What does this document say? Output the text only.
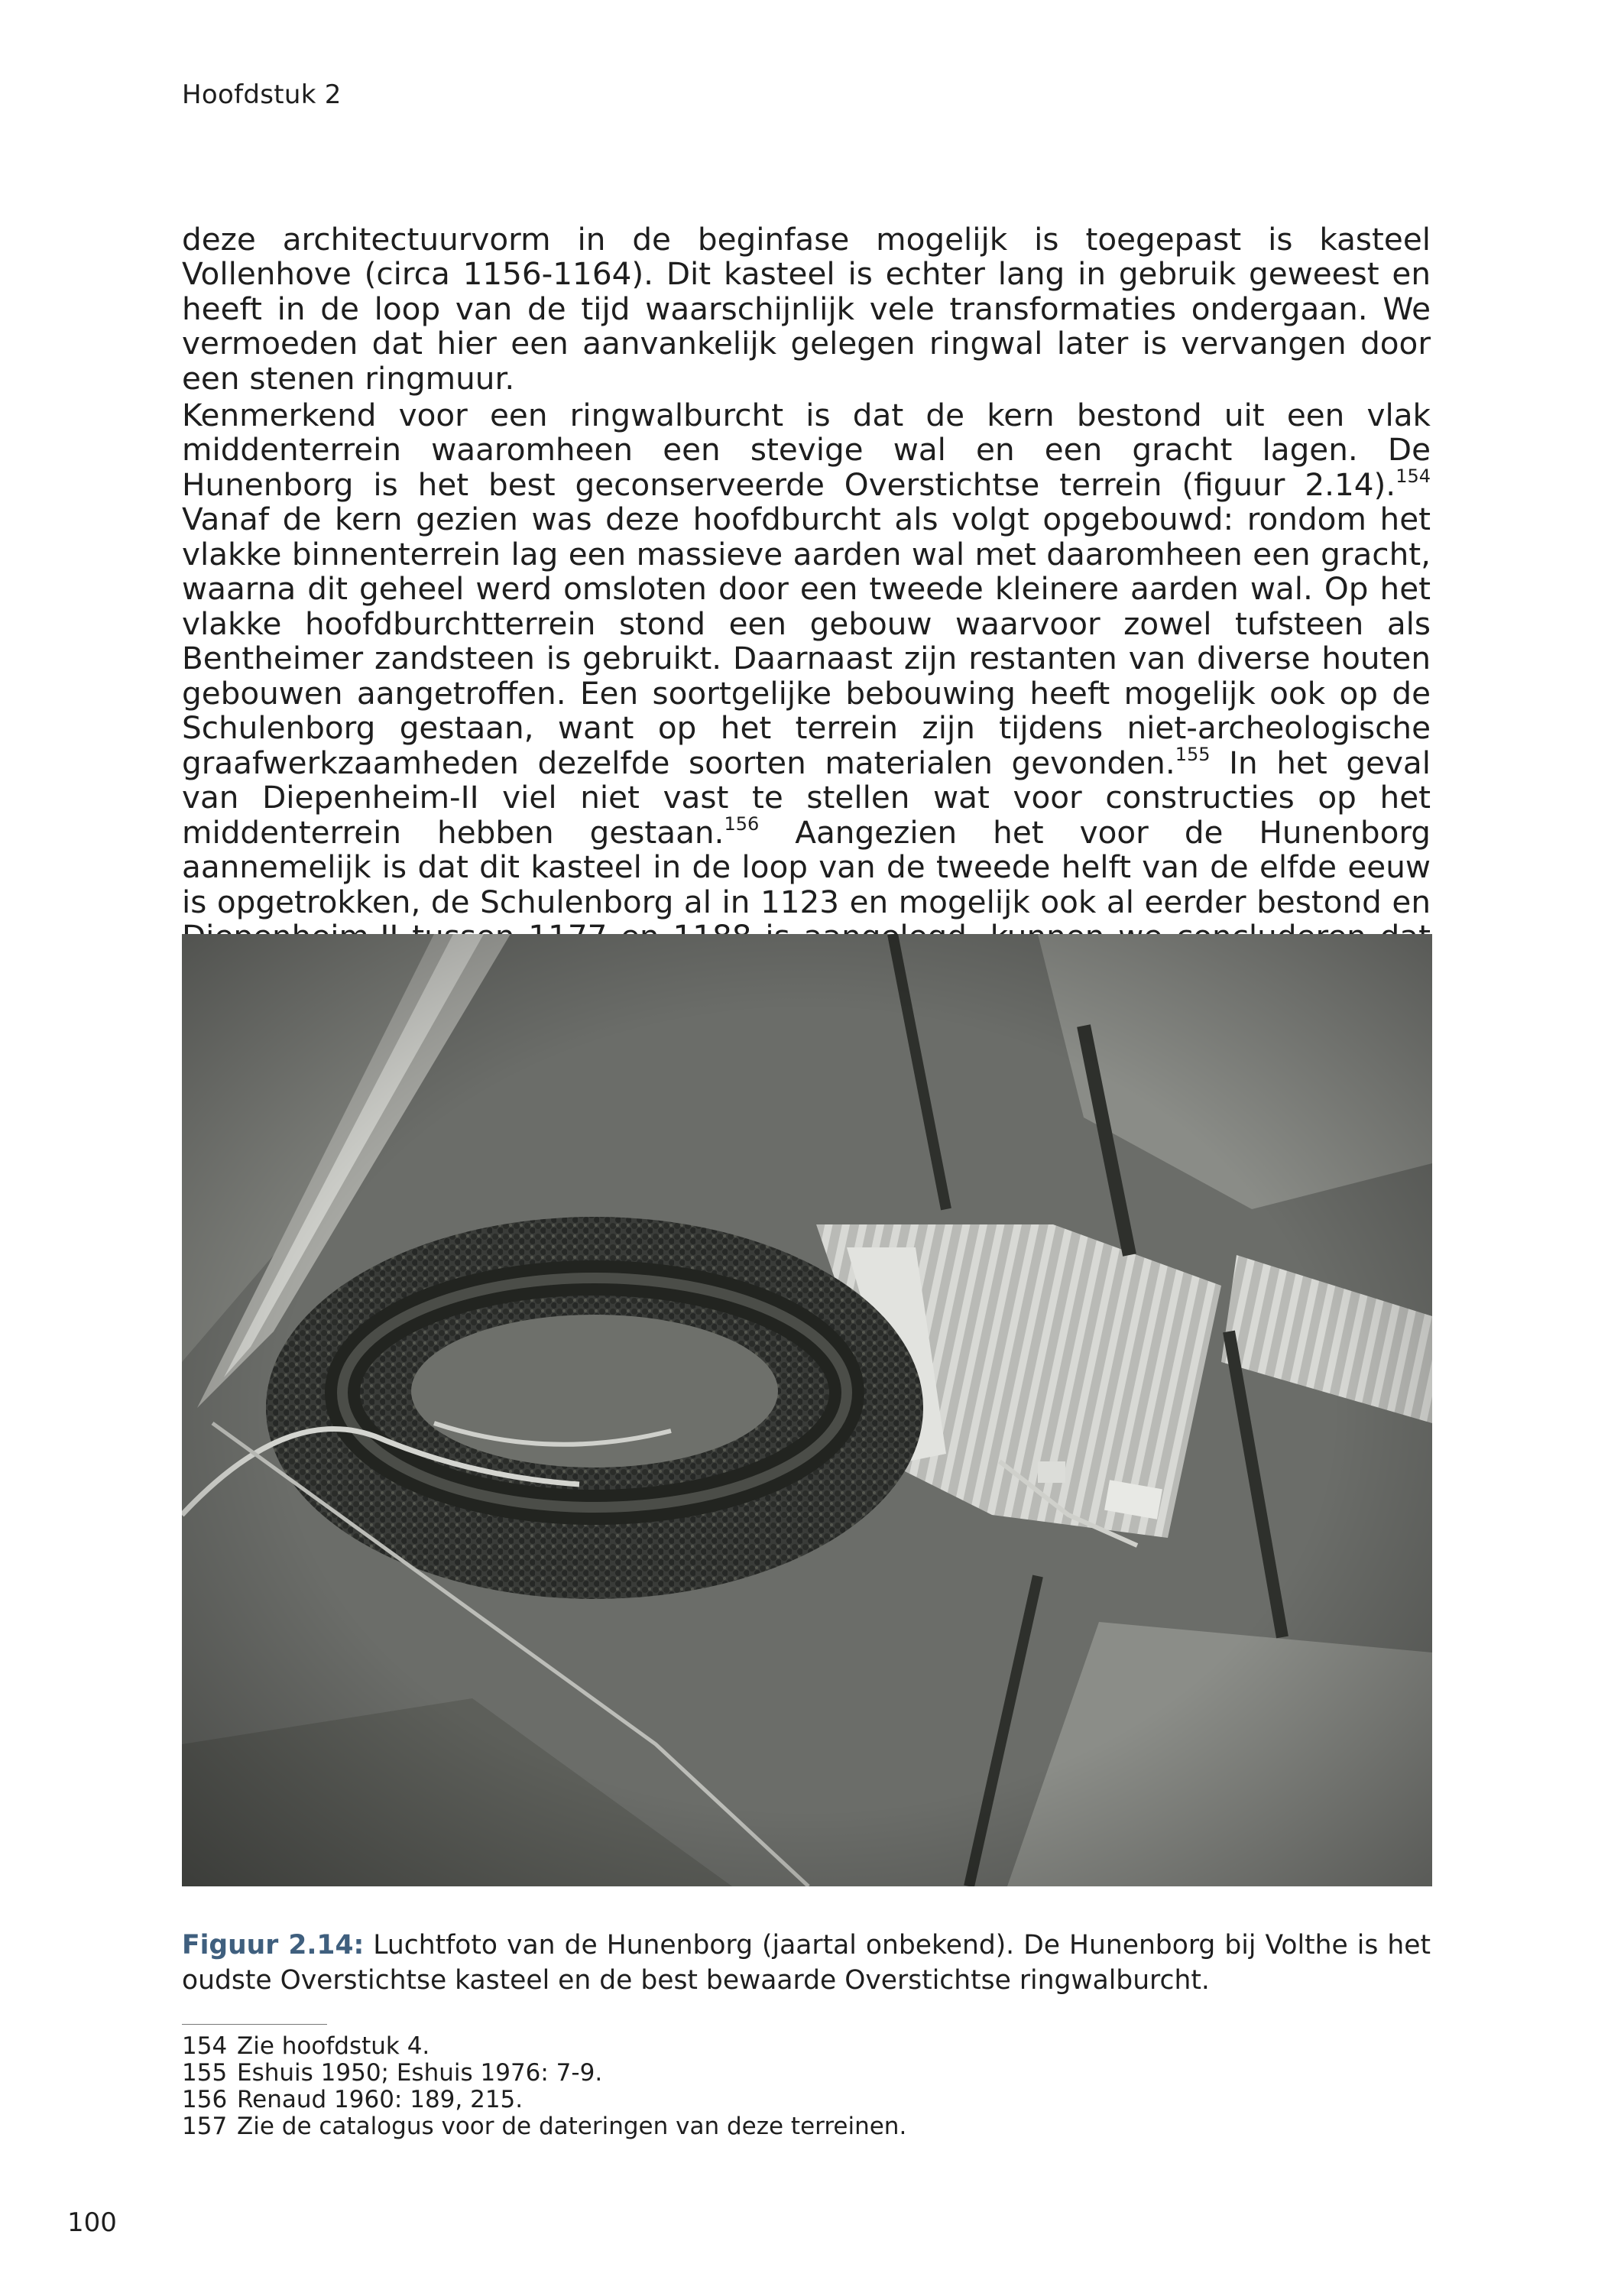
Hoofdstuk 2

deze architectuurvorm in de beginfase mogelijk is toegepast is kasteel Vollenhove (circa 1156-1164). Dit kasteel is echter lang in gebruik geweest en heeft in de loop van de tijd waarschijnlijk vele transformaties ondergaan. We vermoeden dat hier een aanvankelijk gelegen ringwal later is vervangen door een stenen ringmuur.

Kenmerkend voor een ringwalburcht is dat de kern bestond uit een vlak middenterrein waaromheen een stevige wal en een gracht lagen. De Hunenborg is het best geconserveerde Overstichtse terrein (figuur 2.14).$^{154}$ Vanaf de kern gezien was deze hoofdburcht als volgt opgebouwd: rondom het vlakke binnenterrein lag een massieve aarden wal met daaromheen een gracht, waarna dit geheel werd omsloten door een tweede kleinere aarden wal. Op het vlakke hoofdburchtterrein stond een gebouw waarvoor zowel tufsteen als Bentheimer zandsteen is gebruikt. Daarnaast zijn restanten van diverse houten gebouwen aangetroffen. Een soortgelijke bebouwing heeft mogelijk ook op de Schulenborg gestaan, want op het terrein zijn tijdens niet-archeologische graafwerkzaamheden dezelfde soorten materialen gevonden.$^{155}$ In het geval van Diepenheim-II viel niet vast te stellen wat voor constructies op het middenterrein hebben gestaan.$^{156}$ Aangezien het voor de Hunenborg aannemelijk is dat dit kasteel in de loop van de tweede helft van de elfde eeuw is opgetrokken, de Schulenborg al in 1123 en mogelijk ook al eerder bestond en

Figuur 2.14: Luchtfoto van de Hunenborg (jaartal onbekend). De Hunenborg bij Volthe is het oudste Overstichtse kasteel en de best bewaarde Overstichtse ringwalburcht.

154 Zie hoofdstuk 4.
155 Eshuis 1950; Eshuis 1976: 7-9.
156 Renaud 1960: 189, 215.
157 Zie de catalogus voor de dateringen van deze terreinen.
100
